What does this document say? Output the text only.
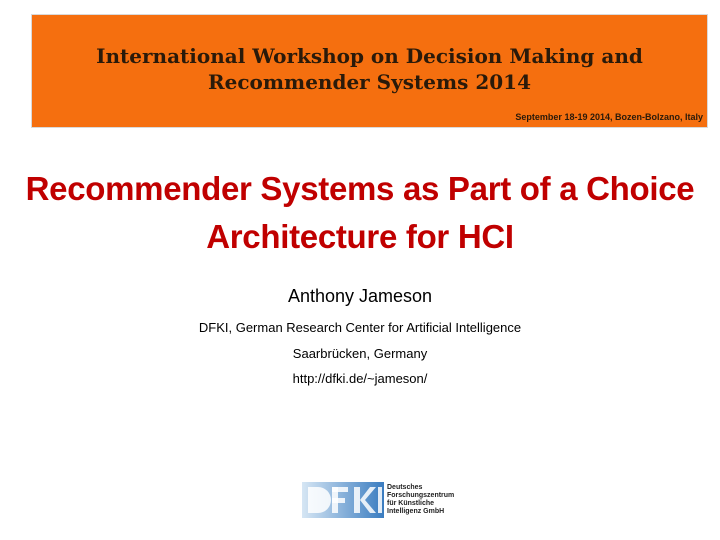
International Workshop on Decision Making and
Recommender Systems 2014
September 18-19 2014, Bozen-Bolzano, Italy
Recommender Systems as Part of a Choice
Architecture for HCI
Anthony Jameson
DFKI, German Research Center for Artificial Intelligence
Saarbrücken, Germany
http://dfki.de/~jameson/
Deutsches
Forschungszentrum
für Künstliche
Intelligenz GmbH
